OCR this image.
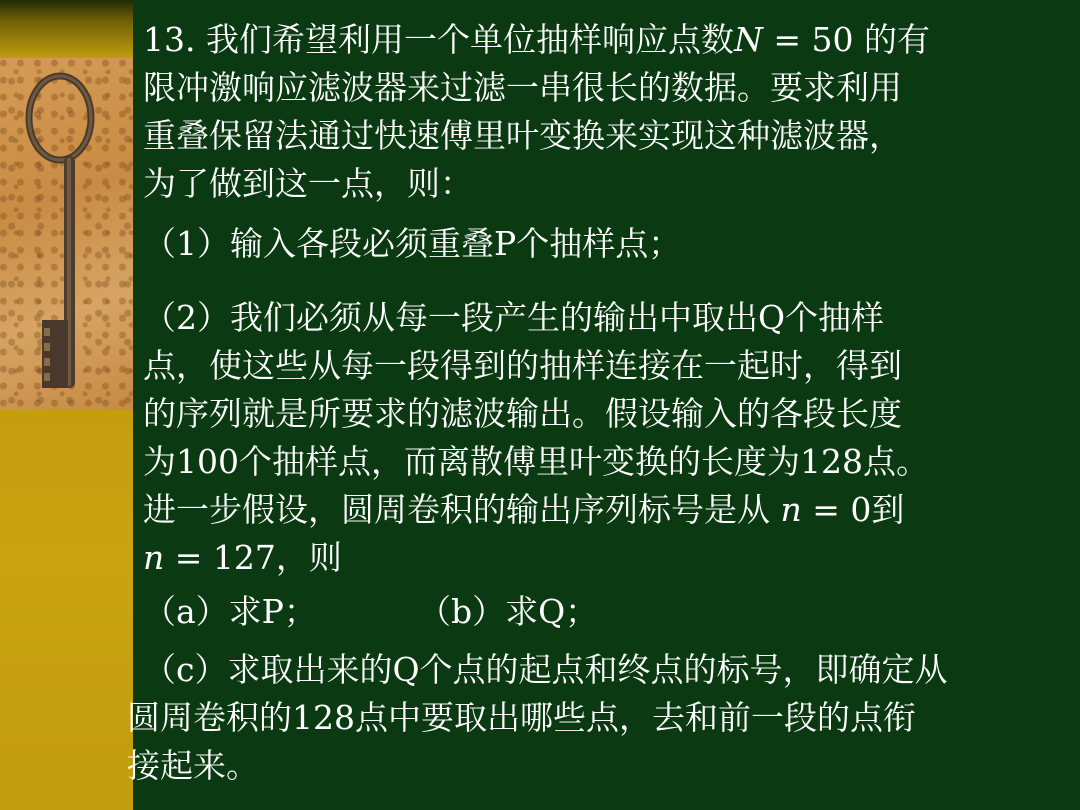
13. 我们希望利用一个单位抽样响应点数N = 50 的有
限冲激响应滤波器来过滤一串很长的数据。要求利用
重叠保留法通过快速傅里叶变换来实现这种滤波器，
为了做到这一点，则：
（1）输入各段必须重叠P个抽样点；
（2）我们必须从每一段产生的输出中取出Q个抽样
点，使这些从每一段得到的抽样连接在一起时，得到
的序列就是所要求的滤波输出。假设输入的各段长度
为100个抽样点，而离散傅里叶变换的长度为128点。
进一步假设，圆周卷积的输出序列标号是从 n = 0到
n = 127，则
（a）求P；	（b）求Q；
（c）求取出来的Q个点的起点和终点的标号，即确定从
圆周卷积的128点中要取出哪些点，去和前一段的点衔
接起来。
